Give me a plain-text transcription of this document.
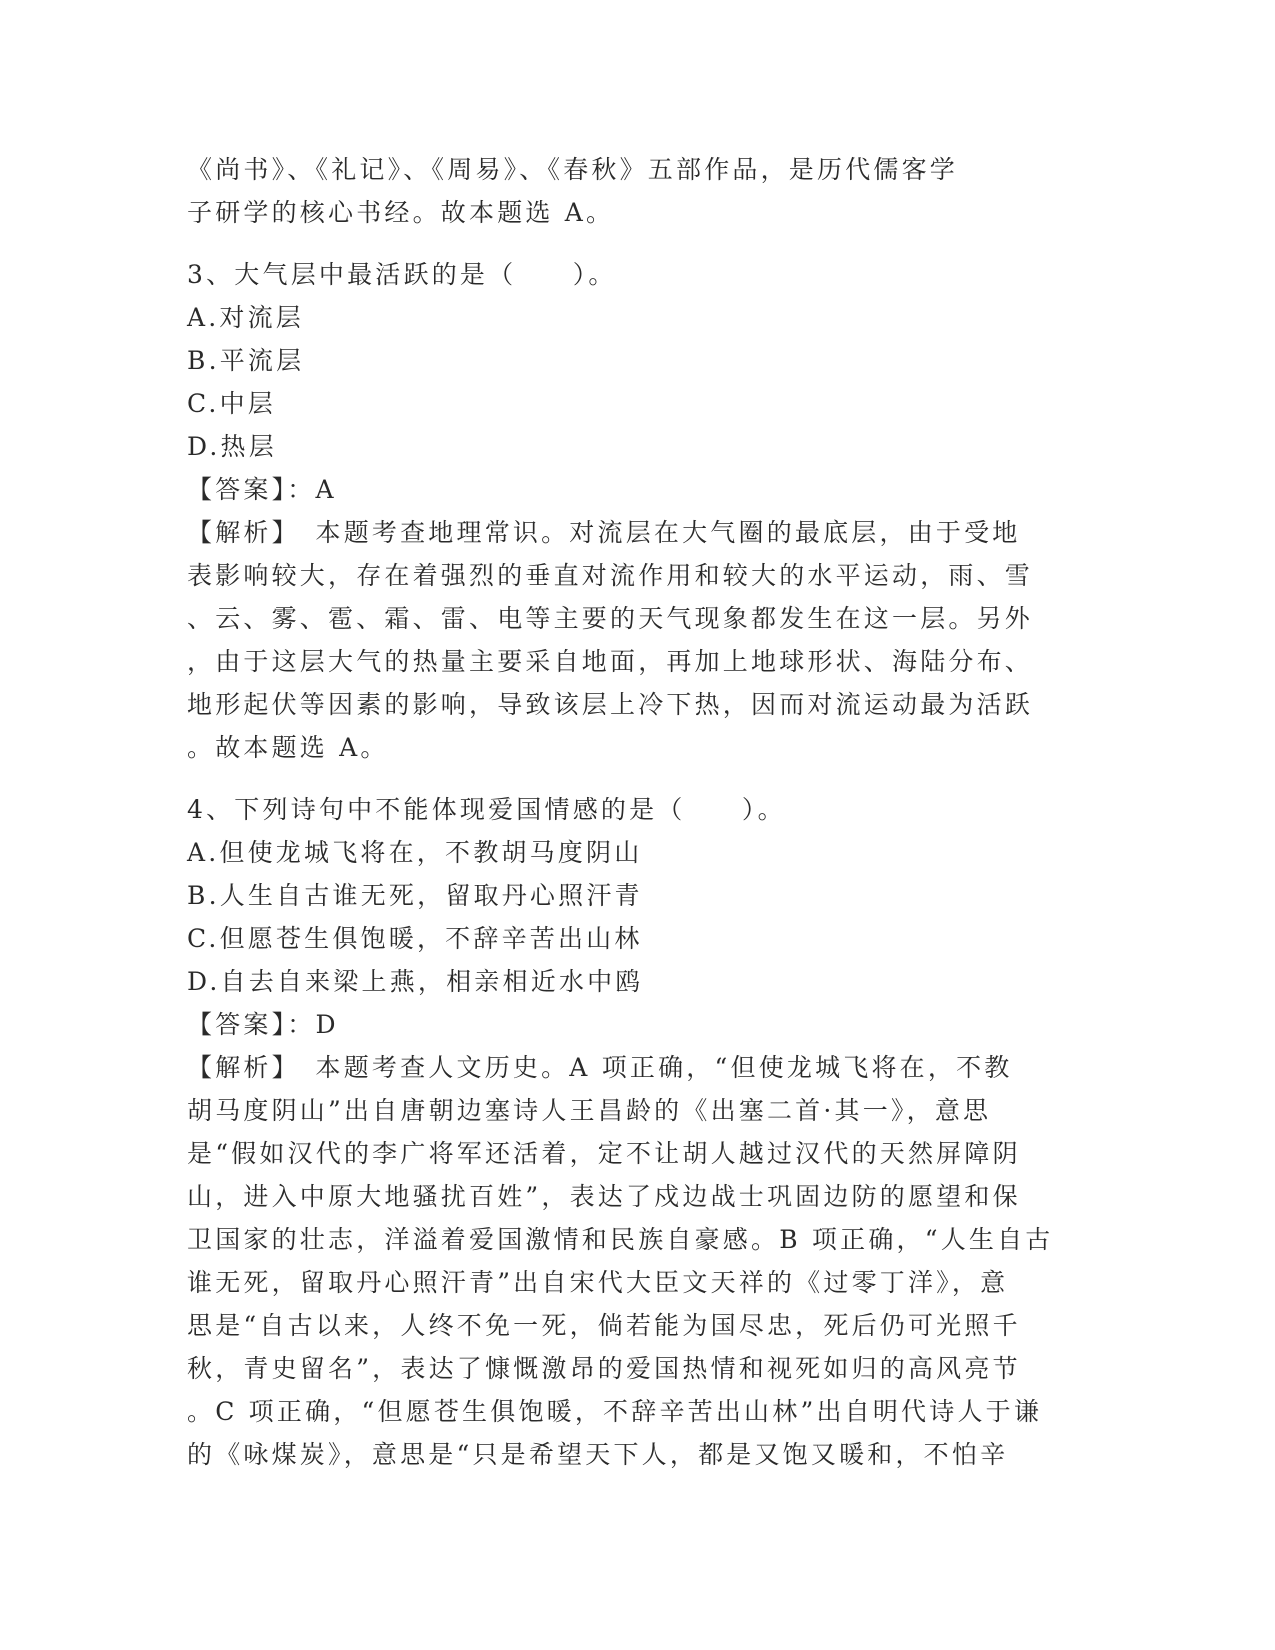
《尚书》、《礼记》、《周易》、《春秋》五部作品，是历代儒客学
子研学的核心书经。故本题选 A。
3、大气层中最活跃的是（　　）。
A.对流层
B.平流层
C.中层
D.热层
【答案】：A
【解析】　本题考查地理常识。对流层在大气圈的最底层，由于受地
表影响较大，存在着强烈的垂直对流作用和较大的水平运动，雨、雪
、云、雾、雹、霜、雷、电等主要的天气现象都发生在这一层。另外
，由于这层大气的热量主要采自地面，再加上地球形状、海陆分布、
地形起伏等因素的影响，导致该层上冷下热，因而对流运动最为活跃
。故本题选 A。
4、下列诗句中不能体现爱国情感的是（　　）。
A.但使龙城飞将在，不教胡马度阴山
B.人生自古谁无死，留取丹心照汗青
C.但愿苍生俱饱暖，不辞辛苦出山林
D.自去自来梁上燕，相亲相近水中鸥
【答案】：D
【解析】　本题考查人文历史。A 项正确，“但使龙城飞将在，不教
胡马度阴山”出自唐朝边塞诗人王昌龄的《出塞二首·其一》，意思
是“假如汉代的李广将军还活着，定不让胡人越过汉代的天然屏障阴
山，进入中原大地骚扰百姓”，表达了戍边战士巩固边防的愿望和保
卫国家的壮志，洋溢着爱国激情和民族自豪感。B 项正确，“人生自古
谁无死，留取丹心照汗青”出自宋代大臣文天祥的《过零丁洋》，意
思是“自古以来，人终不免一死，倘若能为国尽忠，死后仍可光照千
秋，青史留名”，表达了慷慨激昂的爱国热情和视死如归的高风亮节
。C 项正确，“但愿苍生俱饱暖，不辞辛苦出山林”出自明代诗人于谦
的《咏煤炭》，意思是“只是希望天下人，都是又饱又暖和，不怕辛
